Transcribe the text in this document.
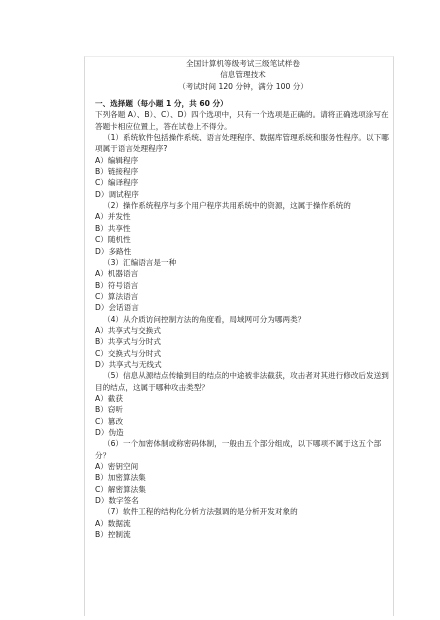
全国计算机等级考试三级笔试样卷
信息管理技术
（考试时间 120 分钟，满分 100 分）
一、选择题（每小题 1 分，共 60 分）
下列各题 A）、B）、C）、D）四个选项中，只有一个选项是正确的。请将正确选项涂写在答题卡相应位置上，答在试卷上不得分。
（1）系统软件包括操作系统、语言处理程序、数据库管理系统和服务性程序。以下哪项属于语言处理程序?
A）编辑程序
B）链接程序
C）编译程序
D）调试程序
（2）操作系统程序与多个用户程序共用系统中的资源，这属于操作系统的
A）并发性
B）共享性
C）随机性
D）多路性
（3）汇编语言是一种
A）机器语言
B）符号语言
C）算法语言
D）会话语言
（4）从介质访问控制方法的角度看，局域网可分为哪两类？
A）共享式与交换式
B）共享式与分时式
C）交换式与分时式
D）共享式与无线式
（5）信息从源结点传输到目的结点的中途被非法截获，攻击者对其进行修改后发送到目的结点，这属于哪种攻击类型？
A）截获
B）窃听
C）篡改
D）伪造
（6）一个加密体制或称密码体制，一般由五个部分组成，以下哪项不属于这五个部分？
A）密钥空间
B）加密算法集
C）解密算法集
D）数字签名
（7）软件工程的结构化分析方法强调的是分析开发对象的
A）数据流
B）控制流
